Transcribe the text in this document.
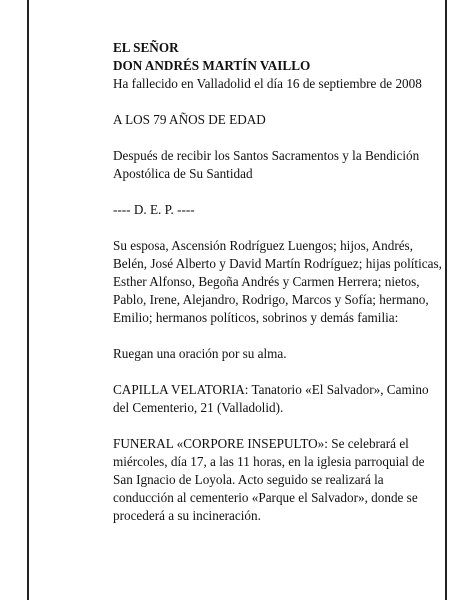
EL SEÑOR
DON ANDRÉS MARTÍN VAILLO
Ha fallecido en Valladolid el día 16 de septiembre de 2008

A LOS 79 AÑOS DE EDAD

Después de recibir los Santos Sacramentos y la Bendición Apostólica de Su Santidad

---- D. E. P. ----

Su esposa, Ascensión Rodríguez Luengos; hijos, Andrés, Belén, José Alberto y David Martín Rodríguez; hijas políticas, Esther Alfonso, Begoña Andrés y Carmen Herrera; nietos, Pablo, Irene, Alejandro, Rodrigo, Marcos y Sofía; hermano, Emilio; hermanos políticos, sobrinos y demás familia:

Ruegan una oración por su alma.

CAPILLA VELATORIA: Tanatorio «El Salvador», Camino del Cementerio, 21 (Valladolid).

FUNERAL «CORPORE INSEPULTO»: Se celebrará el miércoles, día 17, a las 11 horas, en la iglesia parroquial de San Ignacio de Loyola. Acto seguido se realizará la conducción al cementerio «Parque el Salvador», donde se procederá a su incineración.
